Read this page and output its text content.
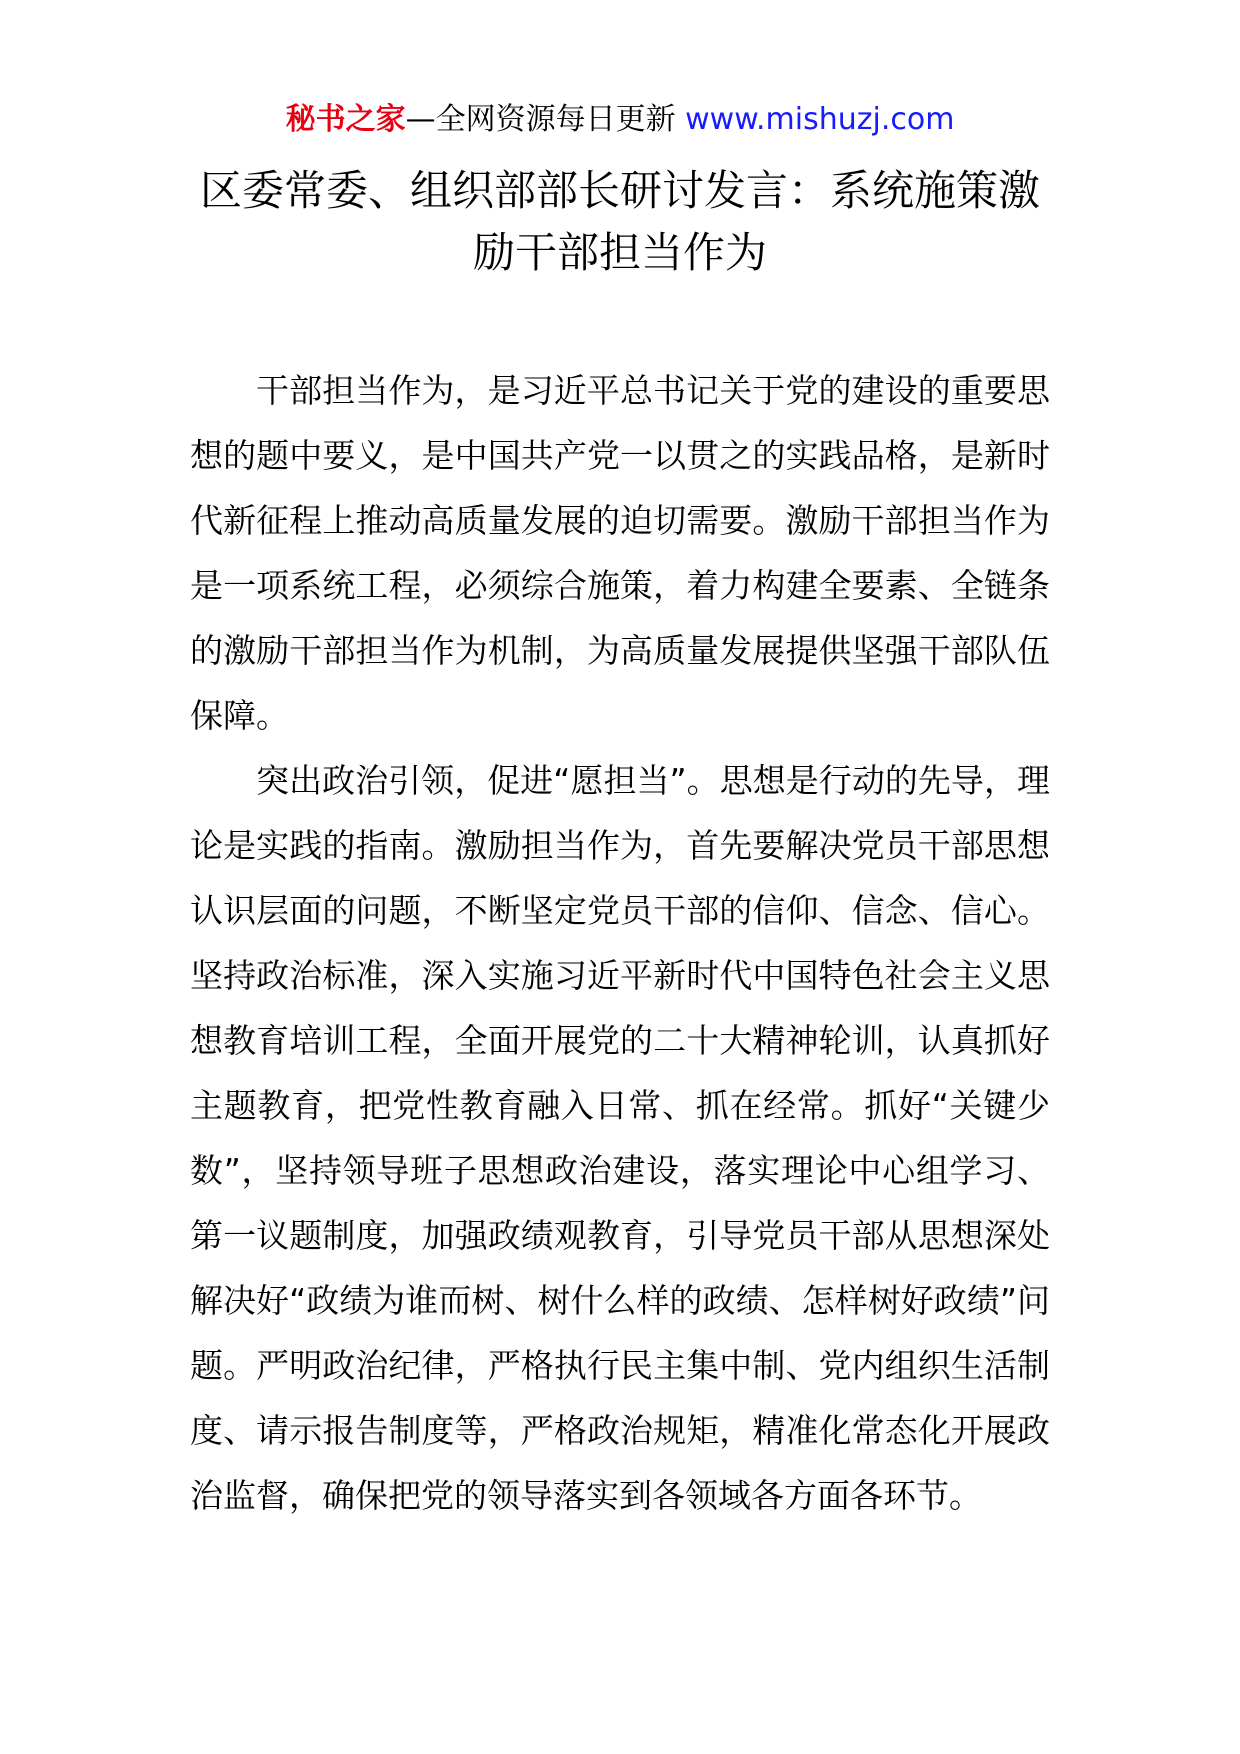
秘书之家—全网资源每日更新 www.mishuzj.com
区委常委、组织部部长研讨发言：系统施策激励干部担当作为

干部担当作为，是习近平总书记关于党的建设的重要思想的题中要义，是中国共产党一以贯之的实践品格，是新时代新征程上推动高质量发展的迫切需要。激励干部担当作为是一项系统工程，必须综合施策，着力构建全要素、全链条的激励干部担当作为机制，为高质量发展提供坚强干部队伍保障。

突出政治引领，促进“愿担当”。思想是行动的先导，理论是实践的指南。激励担当作为，首先要解决党员干部思想认识层面的问题，不断坚定党员干部的信仰、信念、信心。坚持政治标准，深入实施习近平新时代中国特色社会主义思想教育培训工程，全面开展党的二十大精神轮训，认真抓好主题教育，把党性教育融入日常、抓在经常。抓好“关键少数”，坚持领导班子思想政治建设，落实理论中心组学习、第一议题制度，加强政绩观教育，引导党员干部从思想深处解决好“政绩为谁而树、树什么样的政绩、怎样树好政绩”问题。严明政治纪律，严格执行民主集中制、党内组织生活制度、请示报告制度等，严格政治规矩，精准化常态化开展政治监督，确保把党的领导落实到各领域各方面各环节。
